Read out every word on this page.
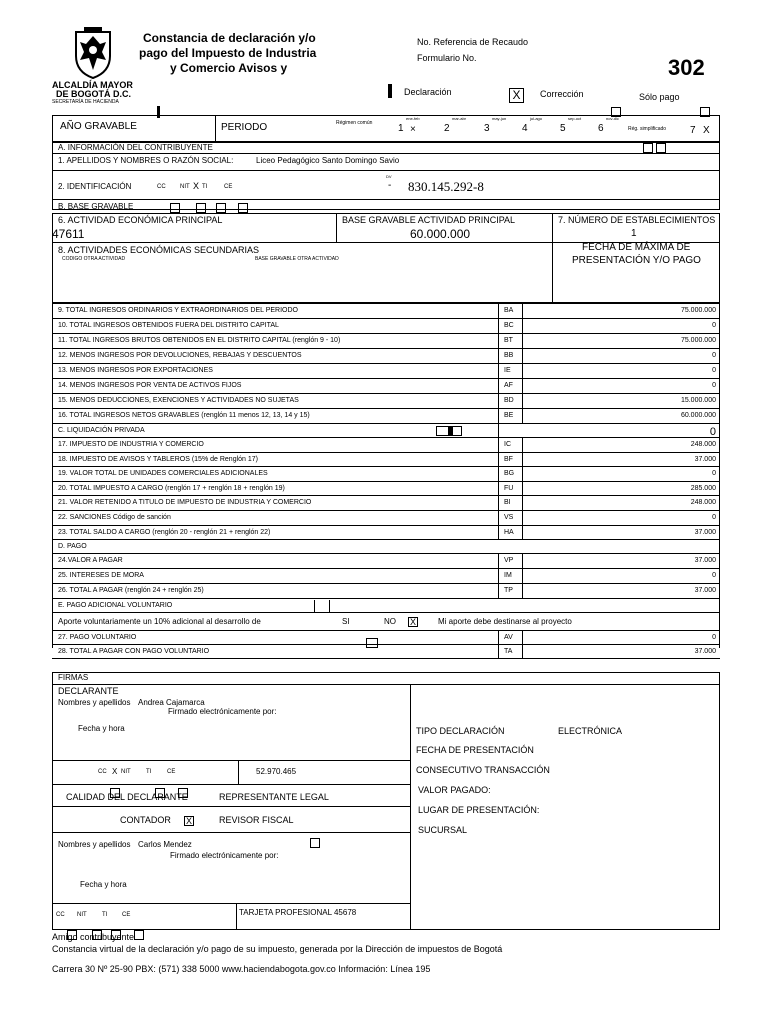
ALCALDÍA MAYOR
DE BOGOTÁ D.C.
SECRETARÍA DE HACIENDA
Constancia de declaración y/o
pago del Impuesto de Industria
y Comercio Avisos y
No. Referencia de Recaudo
Formulario No.	302
Declaración	X	Corrección	Sólo pago
AÑO GRAVABLE	PERIODO	Régimen común
ene-feb
1 ×
mar-abr
2
may-jun
3
jul-ago
4
sep-oct
5
nov-dic
6	Rég. simplificado 7 X
A. INFORMACIÓN DEL CONTRIBUYENTE
1. APELLIDOS Y NOMBRES O RAZÓN SOCIAL:	Liceo Pedagógico Santo Domingo Savio
2. IDENTIFICACIÓN	CC NIT X TI	CE
DV
- 830.145.292-8
B. BASE GRAVABLE
6. ACTIVIDAD ECONÓMICA PRINCIPAL
47611
BASE GRAVABLE ACTIVIDAD PRINCIPAL
60.000.000
7. NÚMERO DE ESTABLECIMIENTOS
1
8. ACTIVIDADES ECONÓMICAS SECUNDARIAS
CODIGO OTRA ACTIVIDAD	BASE GRAVABLE OTRA ACTIVIDAD
FECHA DE MÁXIMA DE
PRESENTACIÓN Y/O PAGO
9. TOTAL INGRESOS ORDINARIOS Y EXTRAORDINARIOS DEL PERIODO	BA	75.000.000
10. TOTAL INGRESOS OBTENIDOS FUERA DEL DISTRITO CAPITAL	BC	0
11. TOTAL INGRESOS BRUTOS OBTENIDOS EN EL DISTRITO CAPITAL (renglón 9 - 10)	BT	75.000.000
12. MENOS INGRESOS POR DEVOLUCIONES, REBAJAS Y DESCUENTOS	BB	0
13. MENOS INGRESOS POR EXPORTACIONES	IE	0
14. MENOS INGRESOS POR VENTA DE ACTIVOS FIJOS	AF	0
15. MENOS DEDUCCIONES, EXENCIONES Y ACTIVIDADES NO SUJETAS	BD	15.000.000
16. TOTAL INGRESOS NETOS GRAVABLES (renglón 11 menos 12, 13, 14 y 15)	BE	60.000.000
C. LIQUIDACIÓN PRIVADA	0
17. IMPUESTO DE INDUSTRIA Y COMERCIO	IC	248.000
18. IMPUESTO DE AVISOS Y TABLEROS (15% de Renglón 17)	BF	37.000
19. VALOR TOTAL DE UNIDADES COMERCIALES ADICIONALES	BG	0
20. TOTAL IMPUESTO A CARGO (renglón 17 + renglón 18 + renglón 19)	FU	285.000
21. VALOR RETENIDO A TITULO DE IMPUESTO DE INDUSTRIA Y COMERCIO	BI	248.000
22. SANCIONES Código de sanción	VS	0
23. TOTAL SALDO A CARGO (renglón 20 - renglón 21 + renglón 22)	HA	37.000
D. PAGO
24.VALOR A PAGAR	VP	37.000
25. INTERESES DE MORA	IM	0
26. TOTAL A PAGAR (renglón 24 + renglón 25)	TP	37.000
E. PAGO ADICIONAL VOLUNTARIO
Aporte voluntariamente un 10% adicional al desarrollo de	SI	NO X	Mi aporte debe destinarse al proyecto
27. PAGO VOLUNTARIO	AV	0
28. TOTAL A PAGAR CON PAGO VOLUNTARIO	TA	37.000
FIRMAS
DECLARANTE
Nombres y apellidos Andrea Cajamarca
Firmado electrónicamente por:
Fecha y hora
CC X NIT	TI	CE	52.970.465
CALIDAD DEL DECLARANTE	REPRESENTANTE LEGAL
CONTADOR X	REVISOR FISCAL
Nombres y apellidos Carlos Mendez
Firmado electrónicamente por:
Fecha y hora
CC NIT	TI CE	TARJETA PROFESIONAL 45678
TIPO DECLARACIÓN	ELECTRÓNICA
FECHA DE PRESENTACIÓN
CONSECUTIVO TRANSACCIÓN
VALOR PAGADO:
LUGAR DE PRESENTACIÓN:
SUCURSAL
Amigo contribuyente
Constancia virtual de la declaración y/o pago de su impuesto, generada por la Dirección de impuestos de Bogotá
Carrera 30 Nº 25-90 PBX: (571) 338 5000 www.haciendabogota.gov.co Información: Línea 195
